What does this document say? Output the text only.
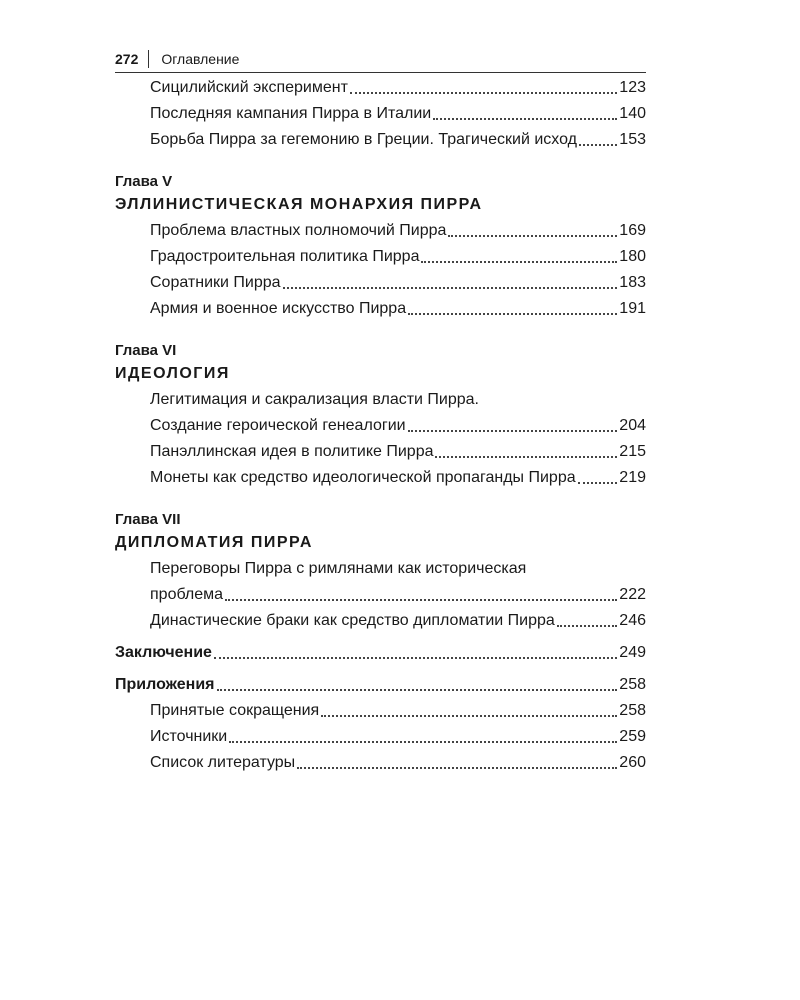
272 Оглавление
Сицилийский эксперимент	123
Последняя кампания Пирра в Италии	140
Борьба Пирра за гегемонию в Греции. Трагический исход	153
Глава V
ЭЛЛИНИСТИЧЕСКАЯ МОНАРХИЯ ПИРРА
Проблема властных полномочий Пирра	169
Градостроительная политика Пирра	180
Соратники Пирра	183
Армия и военное искусство Пирра	191
Глава VI
ИДЕОЛОГИЯ
Легитимация и сакрализация власти Пирра.
Создание героической генеалогии	204
Панэллинская идея в политике Пирра	215
Монеты как средство идеологической пропаганды Пирра	219
Глава VII
ДИПЛОМАТИЯ ПИРРА
Переговоры Пирра с римлянами как историческая
проблема	222
Династические браки как средство дипломатии Пирра	246
Заключение	249
Приложения	258
Принятые сокращения	258
Источники	259
Список литературы	260
